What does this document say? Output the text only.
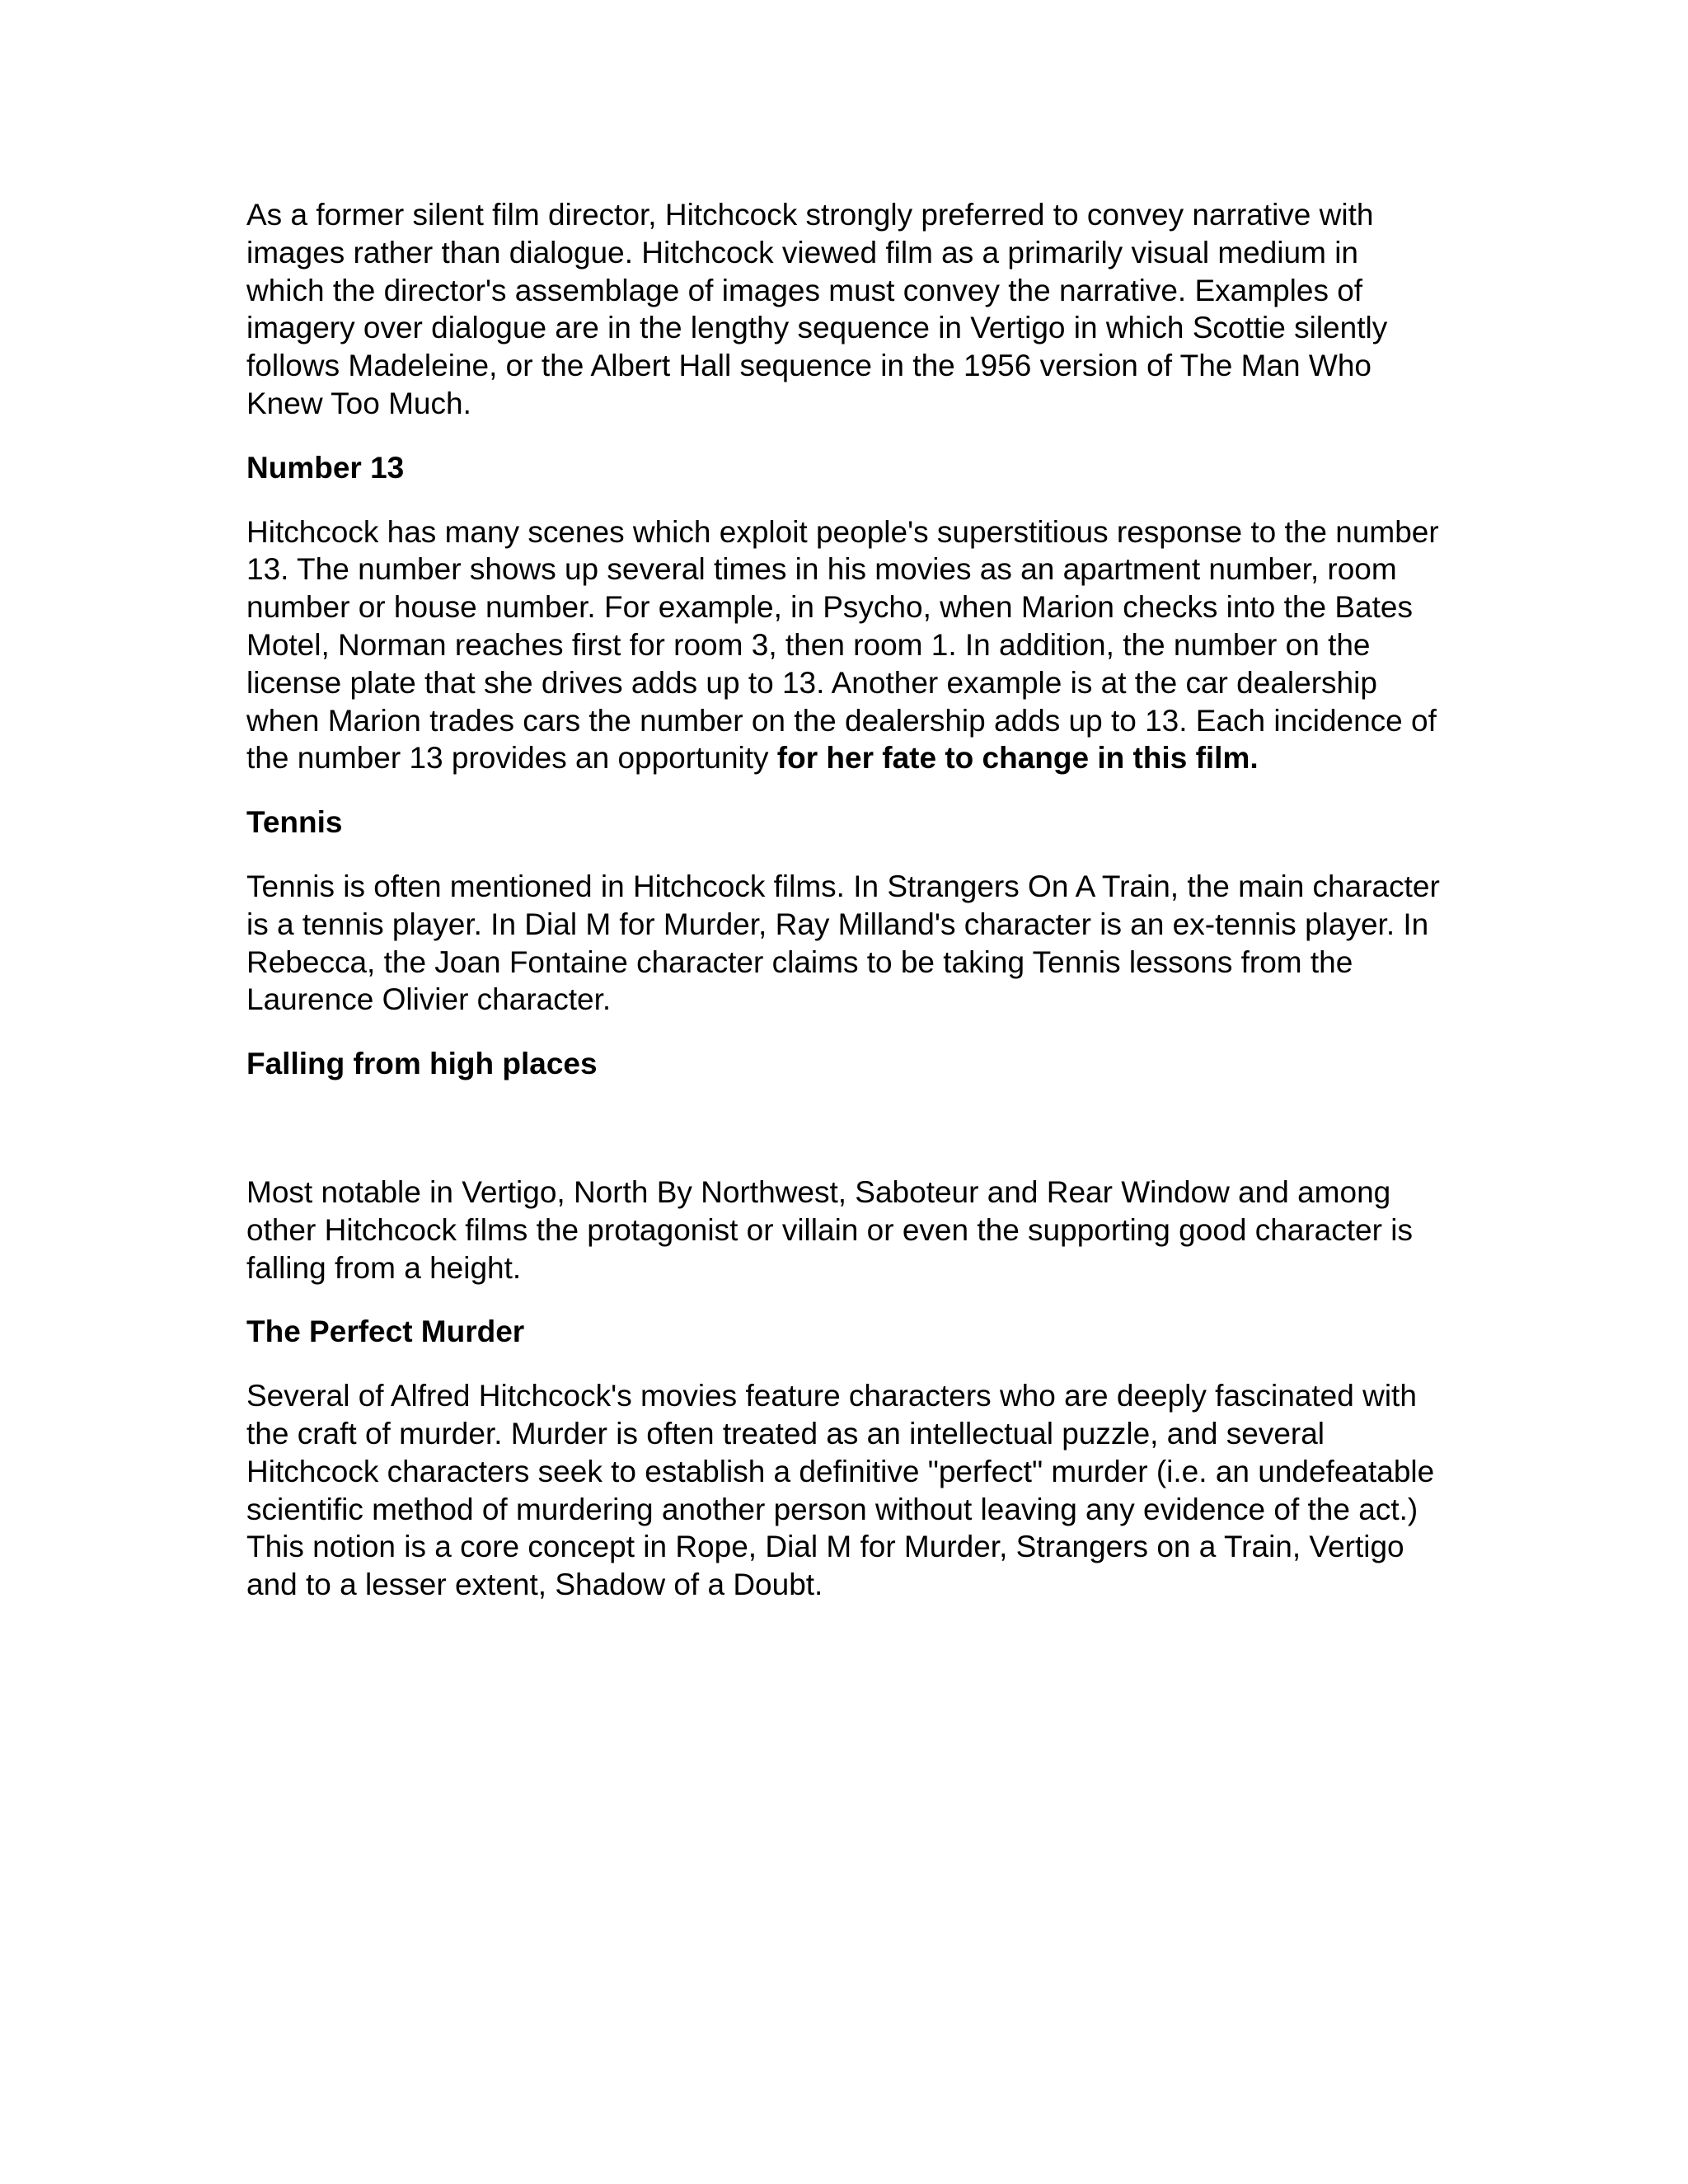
As a former silent film director, Hitchcock strongly preferred to convey narrative with images rather than dialogue. Hitchcock viewed film as a primarily visual medium in which the director's assemblage of images must convey the narrative. Examples of imagery over dialogue are in the lengthy sequence in Vertigo in which Scottie silently follows Madeleine, or the Albert Hall sequence in the 1956 version of The Man Who Knew Too Much.

Number 13

Hitchcock has many scenes which exploit people's superstitious response to the number 13. The number shows up several times in his movies as an apartment number, room number or house number. For example, in Psycho, when Marion checks into the Bates Motel, Norman reaches first for room 3, then room 1. In addition, the number on the license plate that she drives adds up to 13. Another example is at the car dealership when Marion trades cars the number on the dealership adds up to 13. Each incidence of the number 13 provides an opportunity for her fate to change in this film.

Tennis

Tennis is often mentioned in Hitchcock films. In Strangers On A Train, the main character is a tennis player. In Dial M for Murder, Ray Milland's character is an ex-tennis player. In Rebecca, the Joan Fontaine character claims to be taking Tennis lessons from the Laurence Olivier character.

Falling from high places

Most notable in Vertigo, North By Northwest, Saboteur and Rear Window and among other Hitchcock films the protagonist or villain or even the supporting good character is falling from a height.

The Perfect Murder

Several of Alfred Hitchcock's movies feature characters who are deeply fascinated with the craft of murder. Murder is often treated as an intellectual puzzle, and several Hitchcock characters seek to establish a definitive "perfect" murder (i.e. an undefeatable scientific method of murdering another person without leaving any evidence of the act.) This notion is a core concept in Rope, Dial M for Murder, Strangers on a Train, Vertigo and to a lesser extent, Shadow of a Doubt.
